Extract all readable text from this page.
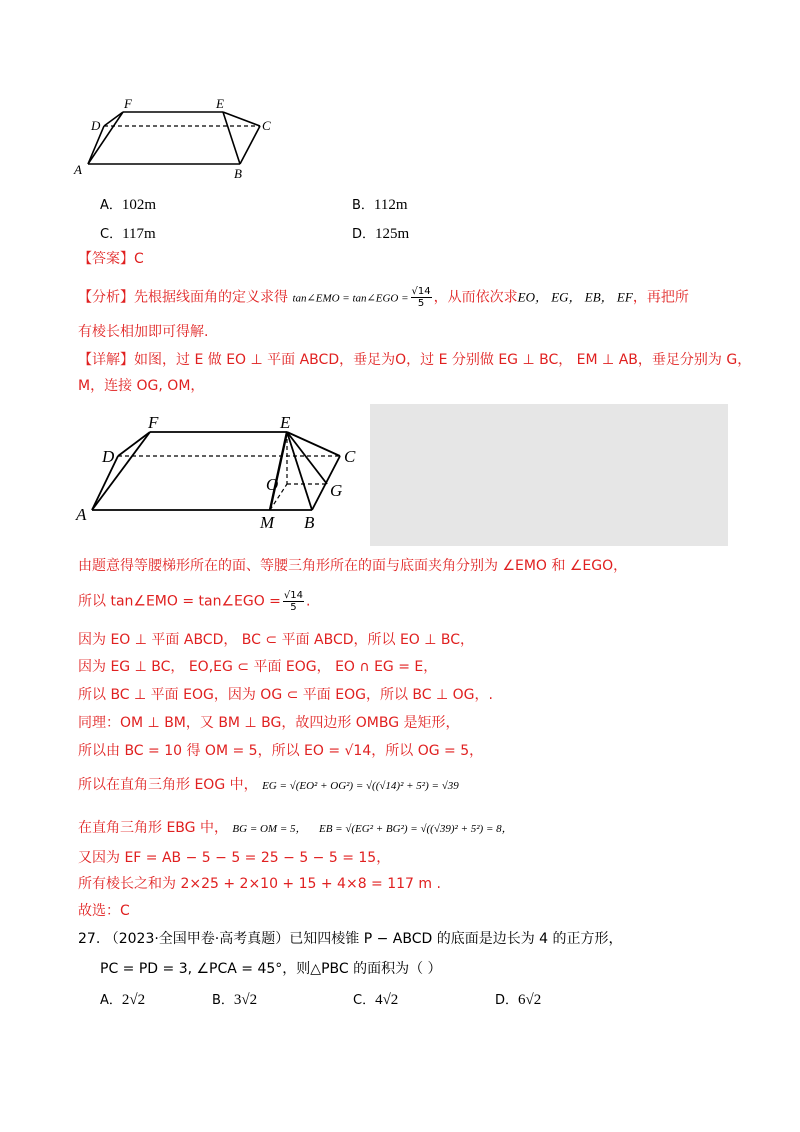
F	E
D	C
A	B
A．102m	B．112m
C．117m	D．125m
【答案】C
【分析】先根据线面角的定义求得 tan∠EMO = tan∠EGO = $\frac{√14}{5}$ ，从而依次求EO， EG， EB， EF，再把所
有棱长相加即可得解.
【详解】如图，过 E 做 EO ⊥ 平面 ABCD，垂足为O，过 E 分别做 EG ⊥ BC， EM ⊥ AB，垂足分别为 G，
M，连接 OG, OM，
F	E
D	C
O	G
A	M B
由题意得等腰梯形所在的面、等腰三角形所在的面与底面夹角分别为 ∠EMO 和 ∠EGO，
所以 tan∠EMO = tan∠EGO = $\frac{√14}{5}$ .
因为 EO ⊥ 平面 ABCD， BC ⊂ 平面 ABCD，所以 EO ⊥ BC，
因为 EG ⊥ BC， EO,EG ⊂ 平面 EOG， EO ∩ EG = E，
所以 BC ⊥ 平面 EOG，因为 OG ⊂ 平面 EOG，所以 BC ⊥ OG，.
同理：OM ⊥ BM，又 BM ⊥ BG，故四边形 OMBG 是矩形，
所以由 BC = 10 得 OM = 5，所以 EO = √14，所以 OG = 5，
所以在直角三角形 EOG 中， EG = √(EO² + OG²) = √((√14)² + 5²) = √39
在直角三角形 EBG 中， BG = OM = 5， EB = √(EG² + BG²) = √((√39)² + 5²) = 8，
又因为 EF = AB − 5 − 5 = 25 − 5 − 5 = 15，
所有棱长之和为 2×25 + 2×10 + 15 + 4×8 = 117 m .
故选：C
27. （2023·全国甲卷·高考真题）已知四棱锥 P − ABCD 的底面是边长为 4 的正方形，
PC = PD = 3, ∠PCA = 45°，则△PBC 的面积为（ ）
A．2√2	B．3√2	C．4√2	D．6√2
